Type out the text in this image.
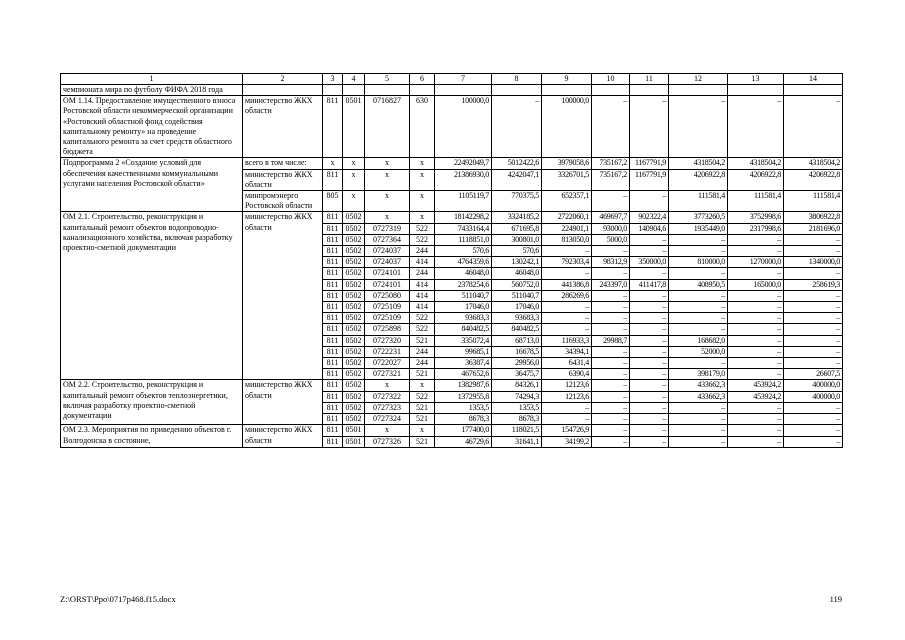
1	2	3	4	5	6	7	8	9	10	11	12	13	14
чемпионата мира по футболу ФИФА 2018 года													
ОМ 1.14. Предоставление имущественного взноса Ростовской области некоммерческой организации «Ростовский областной фонд содействия капитальному ремонту» на проведение капитального ремонта за счет средств областного бюджета	министерство ЖКХ области	811	0501	0716827	630	100000,0	–	100000,0	–	–	–	–	–
Подпрограмма 2 «Создание условий для обеспечения качественными коммунальными услугами населения Ростовской области»	всего в том числе:	x	x	x	x	22492049,7	5012422,6	3979058,6	735167,2	1167791,9	4318504,2	4318504,2	4318504,2
	министерство ЖКХ области	811	x	x	x	21386930,0	4242047,1	3326701,5	735167,2	1167791,9	4206922,8	4206922,8	4206922,8
	минпромэнерго Ростовской области	805	x	x	x	1105119,7	770375,5	652357,1	–	–	111581,4	111581,4	111581,4
ОМ 2.1. Строительство, реконструкция и капитальный ремонт объектов водопроводно-канализационного хозяйства, включая разработку проектно-сметной документации	министерство ЖКХ области	811	0502	x	x	18142298,2	3324185,2	2722060,1	469697,7	902322,4	3773260,5	3752998,6	3806922,8
		811	0502	0727319	522	7433164,4	671695,8	224901,1	93000,0	140904,6	1935449,0	2317998,6	2181696,0
		811	0502	0727364	522	1118851,0	300801,0	813050,0	5000,0	–	–	–	–
		811	0502	0724037	244	570,6	570,6	–	–	–	–	–	–
		811	0502	0724037	414	4764359,6	130242,1	792303,4	98312,9	350000,0	810000,0	1270000,0	1340000,0
		811	0502	0724101	244	46048,0	46048,0	–	–	–	–	–	–
		811	0502	0724101	414	2378254,6	560752,0	441386,8	243397,0	411417,8	408950,5	165000,0	258619,3
		811	0502	0725080	414	511040,7	511040,7	286269,6	–	–	–	–	–
		811	0502	0725109	414	17046,0	17046,0	–	–	–	–	–	–
		811	0502	0725109	522	93683,3	93683,3	–	–	–	–	–	–
		811	0502	0725898	522	840482,5	840482,5	–	–	–	–	–	–
		811	0502	0727320	521	335072,4	68713,0	116933,3	29988,7	–	168682,0	–	–
		811	0502	0722231	244	99685,1	16678,5	34394,1	–	–	52000,0	–	–
		811	0502	0722027	244	36387,4	29956,0	6431,4	–	–	–	–	–
		811	0502	0727321	521	467652,6	36475,7	6390,4	–	–	398179,0	–	26607,5
ОМ 2.2. Строительство, реконструкция и капитальный ремонт объектов теплоэнергетики, включая разработку проектно-сметной документации	министерство ЖКХ области	811	0502	x	x	1382987,6	84326,1	12123,6	–	–	433662,3	453924,2	400000,0
		811	0502	0727322	522	1372955,8	74294,3	12123,6	–	–	433662,3	453924,2	400000,0
		811	0502	0727323	521	1353,5	1353,5	–	–	–	–	–	–
		811	0502	0727324	521	8678,3	8678,3	–	–	–	–	–	–
ОМ 2.3. Мероприятия по приведению объектов г. Волгодонска в состояние,	министерство ЖКХ области	811	0501	x	x	177400,0	118021,5	154726,9	–	–	–	–	–
		811	0501	0727326	521	46729,6	31641,1	34199,2	–	–	–	–	–
Z:\ORST\Ppo\0717p468.f15.docx	119
